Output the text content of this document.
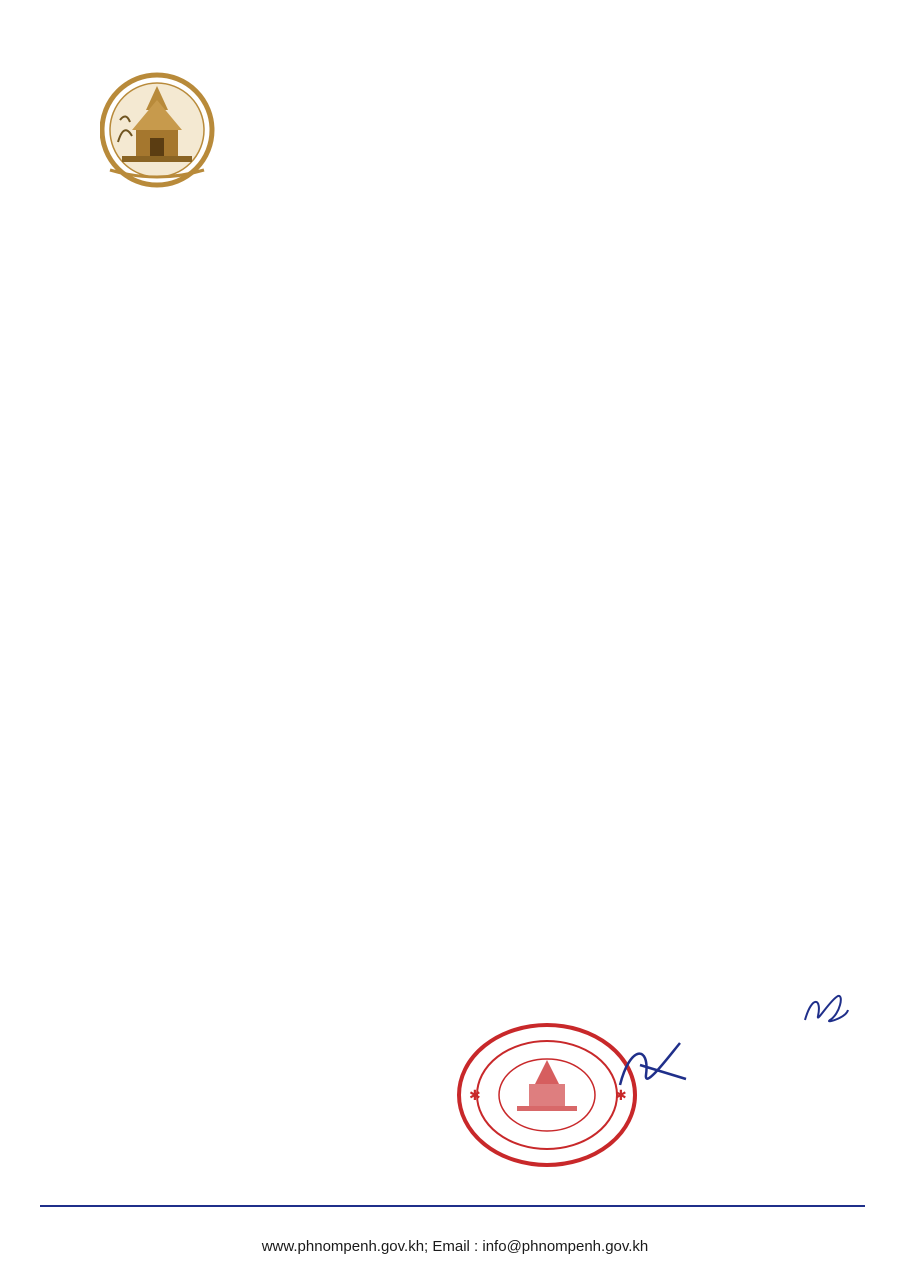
✱	✱
www.phnompenh.gov.kh; Email : info@phnompenh.gov.kh
